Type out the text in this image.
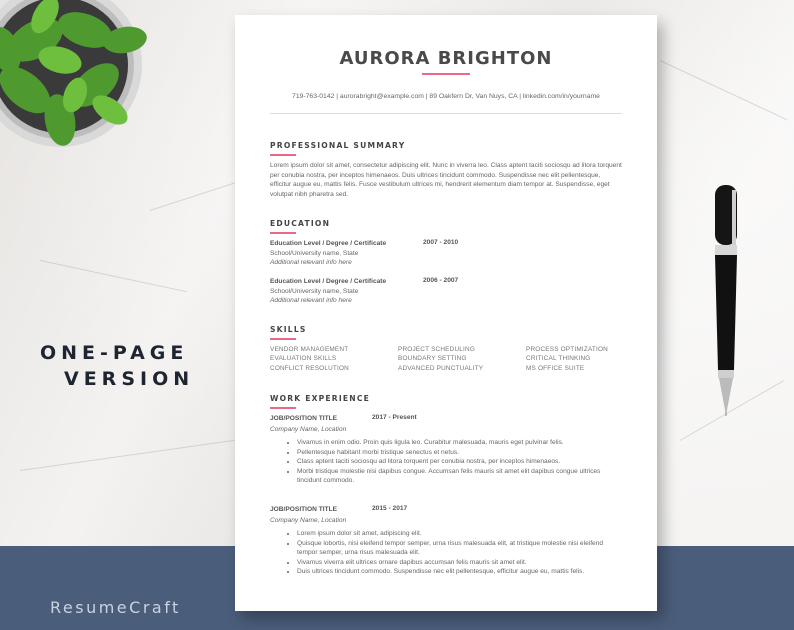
ONE-PAGE
VERSION
ResumeCraft
AURORA BRIGHTON
719-763-0142 | aurorabright@example.com | 89 Oakfern Dr, Van Nuys, CA | linkedin.com/in/yourname
PROFESSIONAL SUMMARY
Lorem ipsum dolor sit amet, consectetur adipiscing elit. Nunc in viverra leo. Class aptent taciti sociosqu ad litora torquent per conubia nostra, per inceptos himenaeos. Duis ultrices tincidunt commodo. Suspendisse nec elit pellentesque, efficitur augue eu, mattis felis. Fusce vestibulum ultrices mi, hendrerit elementum diam tempor at. Suspendisse, eget volutpat nibh pharetra sed.
EDUCATION
Education Level / Degree / Certificate	2007 - 2010
School/University name, State
Additional relevant info here
Education Level / Degree / Certificate	2006 - 2007
School/University name, State
Additional relevant info here
SKILLS
VENDOR MANAGEMENT	PROJECT SCHEDULING	PROCESS OPTIMIZATION
EVALUATION SKILLS	BOUNDARY SETTING	CRITICAL THINKING
CONFLICT RESOLUTION	ADVANCED PUNCTUALITY	MS OFFICE SUITE
WORK EXPERIENCE
JOB/POSITION TITLE	2017 - Present
Company Name, Location
• Vivamus in enim odio. Proin quis ligula leo. Curabitur malesuada, mauris eget pulvinar felis.
• Pellentesque habitant morbi tristique senectus et netus.
• Class aptent taciti sociosqu ad litora torquent per conubia nostra, per inceptos himenaeos.
• Morbi tristique molestie nisi dapibus congue. Accumsan felis mauris sit amet elit dapibus congue ultrices tincidunt commodo.
JOB/POSITION TITLE	2015 - 2017
Company Name, Location
• Lorem ipsum dolor sit amet, adipiscing elit.
• Quisque lobortis, nisi eleifend tempor semper, urna risus malesuada elit, at tristique molestie nisi eleifend tempor semper, urna risus malesuada elit.
• Vivamus viverra elit ultrices ornare dapibus accumsan felis mauris sit amet elit.
• Duis ultrices tincidunt commodo. Suspendisse nec elit pellentesque, efficitur augue eu, mattis felis.
